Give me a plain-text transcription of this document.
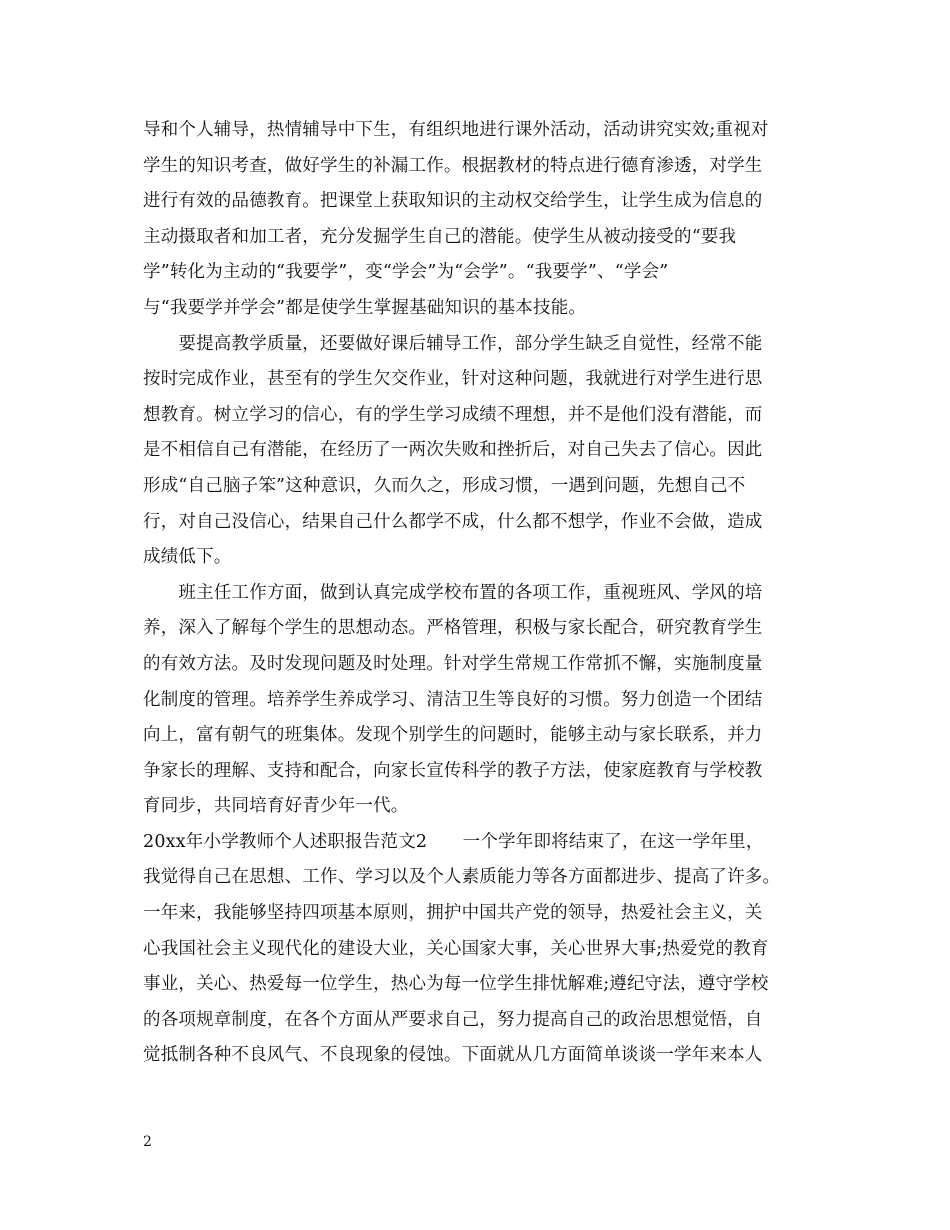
导和个人辅导，热情辅导中下生，有组织地进行课外活动，活动讲究实效;重视对
学生的知识考查，做好学生的补漏工作。根据教材的特点进行德育渗透，对学生
进行有效的品德教育。把课堂上获取知识的主动权交给学生，让学生成为信息的
主动摄取者和加工者，充分发掘学生自己的潜能。使学生从被动接受的“要我
学”转化为主动的“我要学”，变“学会”为“会学”。“我要学”、“学会”
与“我要学并学会”都是使学生掌握基础知识的基本技能。
　　要提高教学质量，还要做好课后辅导工作，部分学生缺乏自觉性，经常不能
按时完成作业，甚至有的学生欠交作业，针对这种问题，我就进行对学生进行思
想教育。树立学习的信心，有的学生学习成绩不理想，并不是他们没有潜能，而
是不相信自己有潜能，在经历了一两次失败和挫折后，对自己失去了信心。因此
形成“自己脑子笨”这种意识，久而久之，形成习惯，一遇到问题，先想自己不
行，对自己没信心，结果自己什么都学不成，什么都不想学，作业不会做，造成
成绩低下。
　　班主任工作方面，做到认真完成学校布置的各项工作，重视班风、学风的培
养，深入了解每个学生的思想动态。严格管理，积极与家长配合，研究教育学生
的有效方法。及时发现问题及时处理。针对学生常规工作常抓不懈，实施制度量
化制度的管理。培养学生养成学习、清洁卫生等良好的习惯。努力创造一个团结
向上，富有朝气的班集体。发现个别学生的问题时，能够主动与家长联系，并力
争家长的理解、支持和配合，向家长宣传科学的教子方法，使家庭教育与学校教
育同步，共同培育好青少年一代。
20xx年小学教师个人述职报告范文2　　一个学年即将结束了，在这一学年里，
我觉得自己在思想、工作、学习以及个人素质能力等各方面都进步、提高了许多。
一年来，我能够坚持四项基本原则，拥护中国共产党的领导，热爱社会主义，关
心我国社会主义现代化的建设大业，关心国家大事，关心世界大事;热爱党的教育
事业，关心、热爱每一位学生，热心为每一位学生排忧解难;遵纪守法，遵守学校
的各项规章制度，在各个方面从严要求自己，努力提高自己的政治思想觉悟，自
觉抵制各种不良风气、不良现象的侵蚀。下面就从几方面简单谈谈一学年来本人
2
